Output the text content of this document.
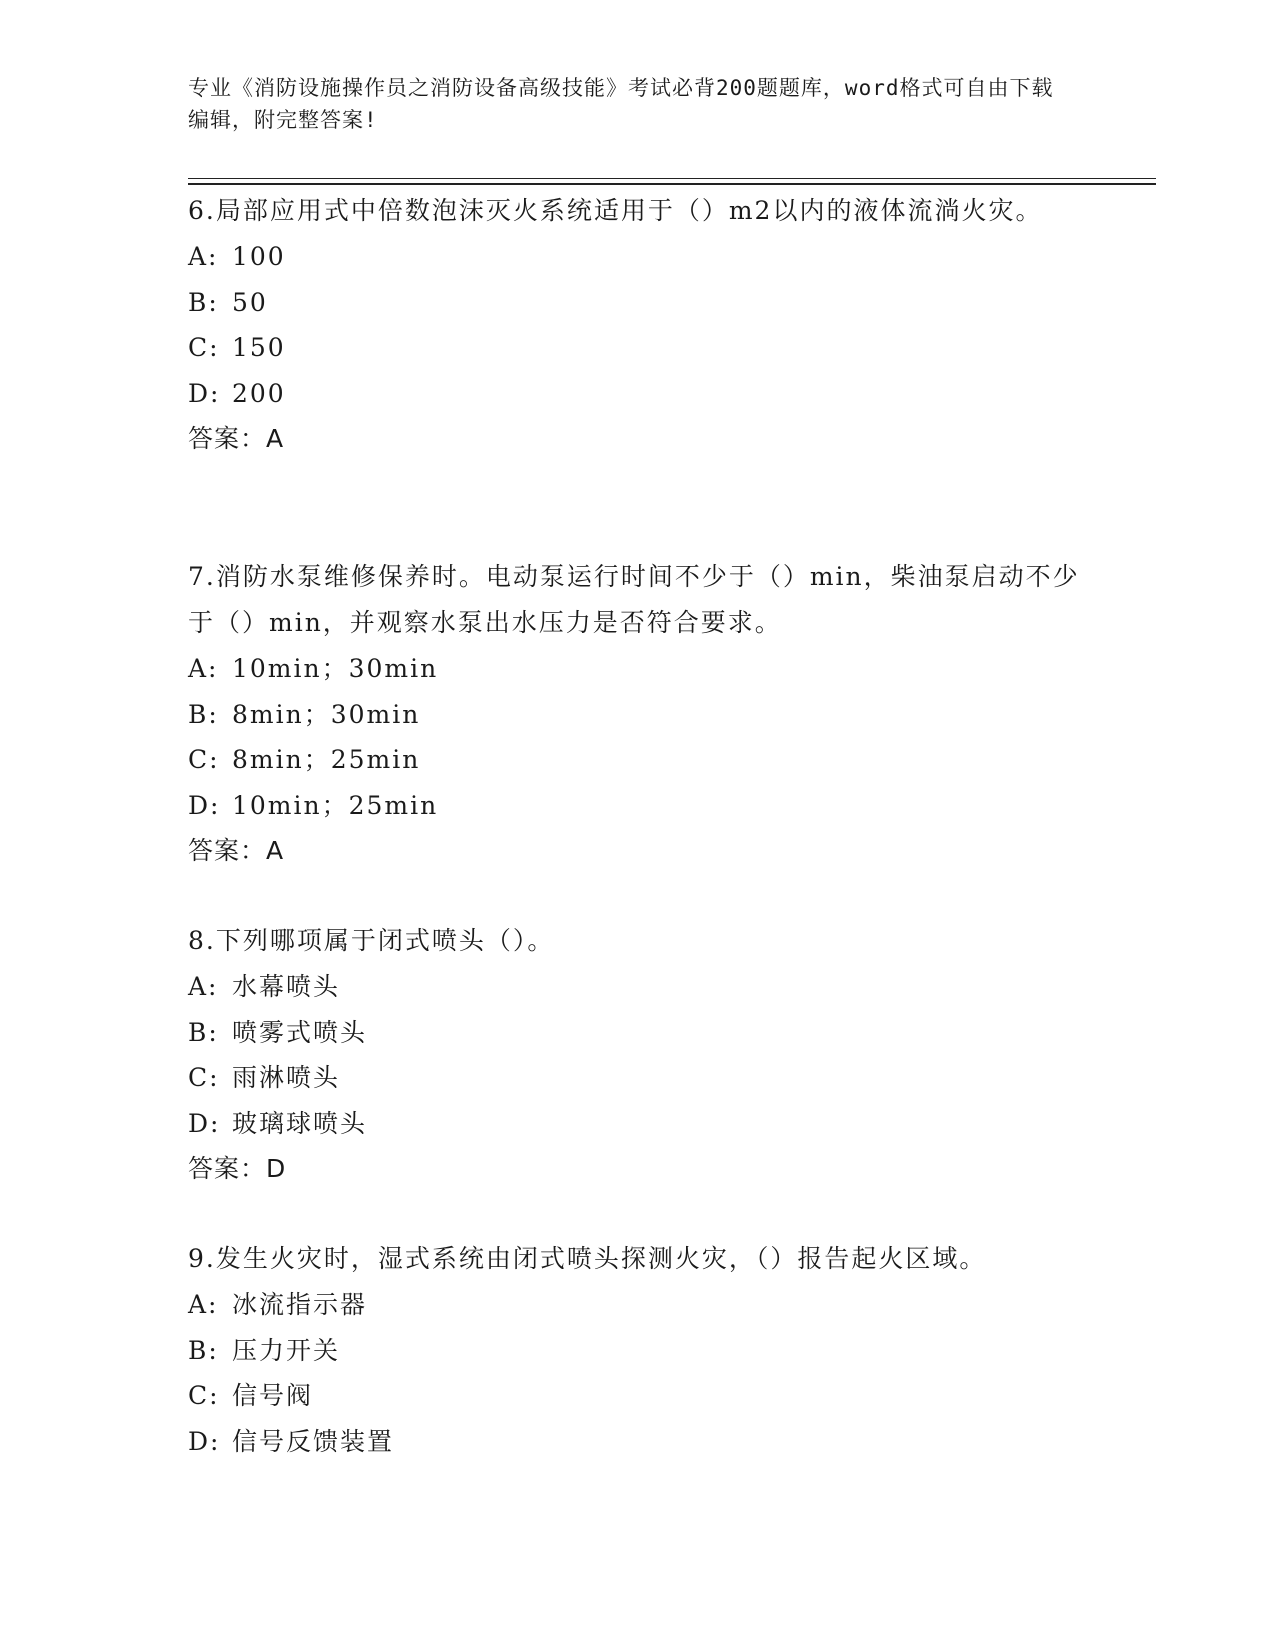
专业《消防设施操作员之消防设备高级技能》考试必背200题题库，word格式可自由下载编辑，附完整答案!

6.局部应用式中倍数泡沫灭火系统适用于（）m2以内的液体流淌火灾。

A: 100

B: 50

C: 150

D: 200

答案：A

7.消防水泵维修保养时。电动泵运行时间不少于（）min，柴油泵启动不少于（）min，并观察水泵出水压力是否符合要求。

A: 10min；30min

B: 8min；30min

C: 8min；25min

D: 10min；25min

答案：A

8.下列哪项属于闭式喷头（）。

A: 水幕喷头

B: 喷雾式喷头

C: 雨淋喷头

D: 玻璃球喷头

答案：D

9.发生火灾时，湿式系统由闭式喷头探测火灾，（）报告起火区域。

A: 冰流指示器

B: 压力开关

C: 信号阀

D: 信号反馈装置
